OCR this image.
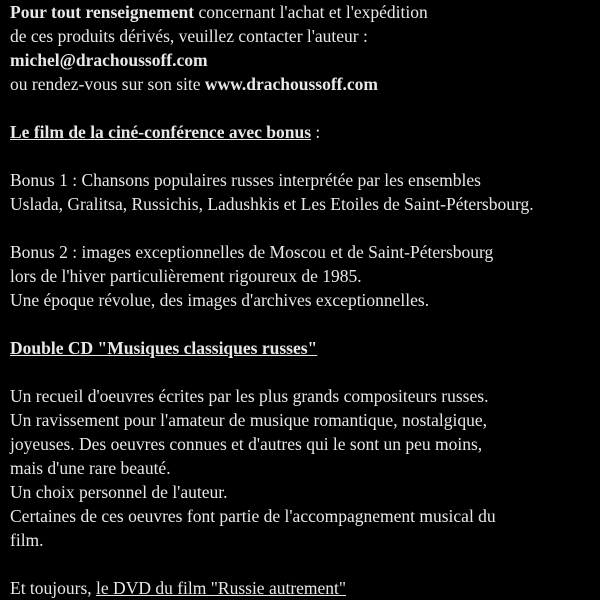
Pour tout renseignement concernant l'achat et l'expédition
de ces produits dérivés, veuillez contacter l'auteur :
michel@drachoussoff.com
ou rendez-vous sur son site www.drachoussoff.com
Le film de la ciné-conférence avec bonus :
Bonus 1 : Chansons populaires russes interprétée par les ensembles
Uslada, Gralitsa, Russichis, Ladushkis et Les Etoiles de Saint-Pétersbourg.
Bonus 2 : images exceptionnelles de Moscou et de Saint-Pétersbourg
lors de l'hiver particulièrement rigoureux de 1985.
Une époque révolue, des images d'archives exceptionnelles.
Double CD "Musiques classiques russes"
Un recueil d'oeuvres écrites par les plus grands compositeurs russes.
Un ravissement pour l'amateur de musique romantique, nostalgique,
joyeuses. Des oeuvres connues et d'autres qui le sont un peu moins,
mais d'une rare beauté.
Un choix personnel de l'auteur.
Certaines de ces oeuvres font partie de l'accompagnement musical du
film.
Et toujours, le DVD du film "Russie autrement"
